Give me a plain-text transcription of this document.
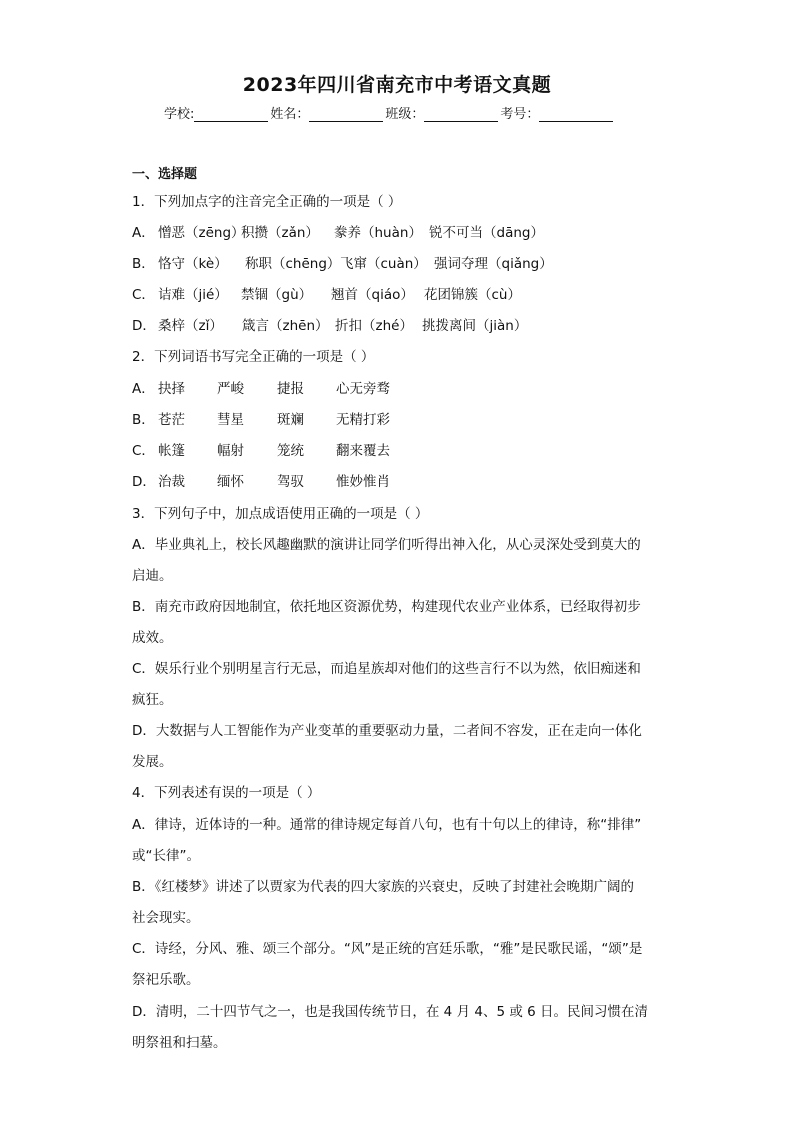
2023年四川省南充市中考语文真题
学校:	姓名：	班级：	考号：
一、选择题
1．下列加点字的注音完全正确的一项是（ ）
A． 憎恶（zēng）积攒（zǎn） 豢养（huàn） 锐不可当（dāng）
B． 恪守（kè） 称职（chēng）飞窜（cuàn） 强词夺理（qiǎng）
C． 诘难（jié） 禁锢（gù） 翘首（qiáo） 花团锦簇（cù）
D． 桑梓（zǐ） 箴言（zhēn） 折扣（zhé） 挑拨离间（jiàn）
2．下列词语书写完全正确的一项是（ ）
A． 抉择 严峻 捷报 心无旁骛
B． 苍茫 彗星 斑斓 无精打彩
C． 帐篷 幅射 笼统 翻来覆去
D． 治裁 缅怀 驾驭 惟妙惟肖
3．下列句子中，加点成语使用正确的一项是（ ）
A．毕业典礼上，校长风趣幽默的演讲让同学们听得出神入化，从心灵深处受到莫大的
启迪。
B．南充市政府因地制宜，依托地区资源优势，构建现代农业产业体系，已经取得初步
成效。
C．娱乐行业个别明星言行无忌，而追星族却对他们的这些言行不以为然，依旧痴迷和
疯狂。
D．大数据与人工智能作为产业变革的重要驱动力量，二者间不容发，正在走向一体化
发展。
4．下列表述有误的一项是（ ）
A．律诗，近体诗的一种。通常的律诗规定每首八句，也有十句以上的律诗，称“排律”
或“长律”。
B．《红楼梦》讲述了以贾家为代表的四大家族的兴衰史，反映了封建社会晚期广阔的
社会现实。
C．诗经，分风、雅、颂三个部分。“风”是正统的宫廷乐歌，“雅”是民歌民谣，“颂”是
祭祀乐歌。
D．清明，二十四节气之一，也是我国传统节日，在 4 月 4、5 或 6 日。民间习惯在清
明祭祖和扫墓。
